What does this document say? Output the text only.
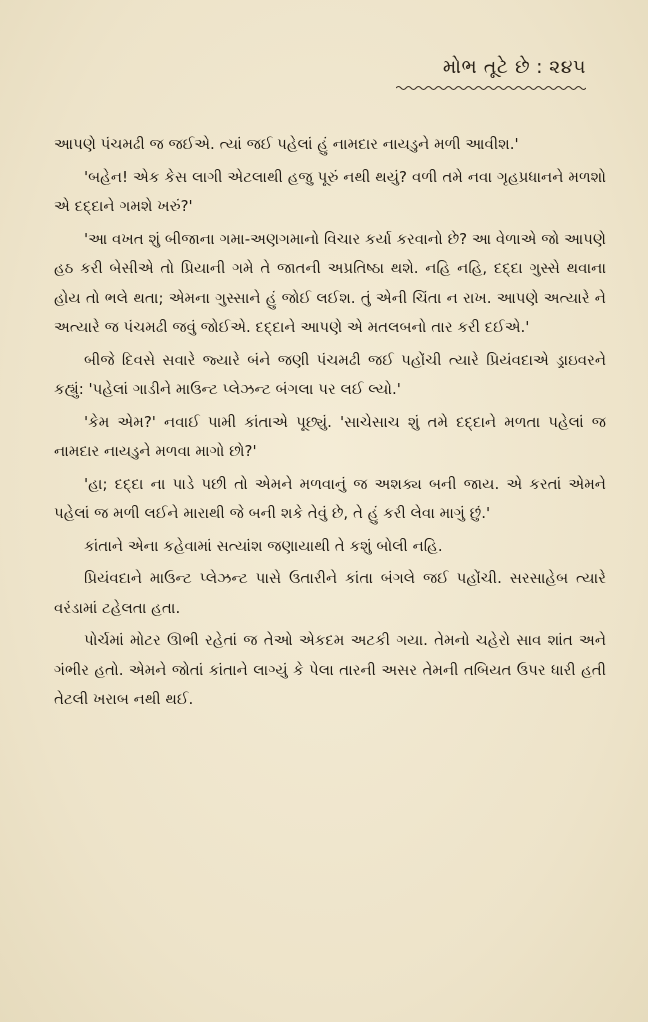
મોભ તૂટે છે : ૨૪૫

આપણે પંચમઢી જ જઈએ. ત્યાં જઈ પહેલાં હું નામદાર નાયડુને મળી આવીશ.'

'બહેન! એક કેસ લાગી એટલાથી હજુ પૂરું નથી થયું? વળી તમે નવા ગૃહપ્રધાનને મળશો એ દદ્દાને ગમશે ખરું?'

'આ વખત શું બીજાના ગમા-અણગમાનો વિચાર કર્યા કરવાનો છે? આ વેળાએ જો આપણે હઠ કરી બેસીએ તો પ્રિયાની ગમે તે જાતની અપ્રતિષ્ઠા થશે. નહિ નહિ, દદ્દા ગુસ્સે થવાના હોય તો ભલે થતા; એમના ગુસ્સાને હું જોઈ લઈશ. તું એની ચિંતા ન રાખ. આપણે અત્યારે ને અત્યારે જ પંચમઢી જવું જોઈએ. દદ્દાને આપણે એ મતલબનો તાર કરી દઈએ.'

બીજે દિવસે સવારે જ્યારે બંને જણી પંચમઢી જઈ પહોંચી ત્યારે પ્રિયંવદાએ ડ્રાઇવરને કહ્યું: 'પહેલાં ગાડીને માઉન્ટ પ્લેઝન્ટ બંગલા પર લઈ લ્યો.'

'કેમ એમ?' નવાઈ પામી કાંતાએ પૂછ્યું. 'સાચેસાચ શું તમે દદ્દાને મળતા પહેલાં જ નામદાર નાયડુને મળવા માગો છો?'

'હા; દદ્દા ના પાડે પછી તો એમને મળવાનું જ અશક્ય બની જાય. એ કરતાં એમને પહેલાં જ મળી લઈને મારાથી જે બની શકે તેવું છે, તે હું કરી લેવા માગું છું.'

કાંતાને એના કહેવામાં સત્યાંશ જણાયાથી તે કશું બોલી નહિ.

પ્રિયંવદાને માઉન્ટ પ્લેઝન્ટ પાસે ઉતારીને કાંતા બંગલે જઈ પહોંચી. સરસાહેબ ત્યારે વરંડામાં ટહેલતા હતા.

પોર્ચમાં મોટર ઊભી રહેતાં જ તેઓ એકદમ અટકી ગયા. તેમનો ચહેરો સાવ શાંત અને ગંભીર હતો. એમને જોતાં કાંતાને લાગ્યું કે પેલા તારની અસર તેમની તબિયત ઉપર ધારી હતી તેટલી ખરાબ નથી થઈ.
